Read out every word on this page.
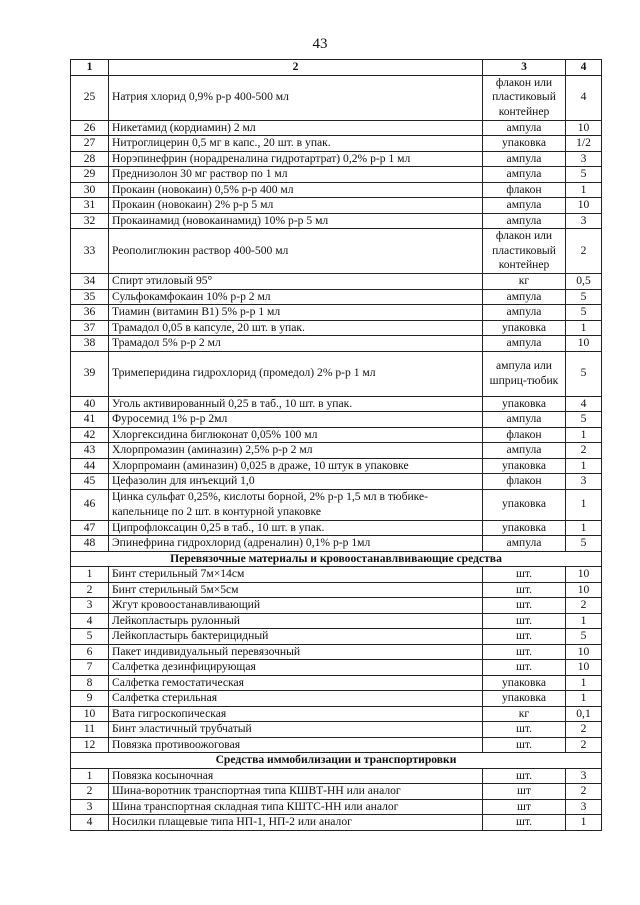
43
1	2	3	4
25	Натрия хлорид 0,9% р-р 400-500 мл	флакон или пластиковый контейнер	4
26	Никетамид (кордиамин) 2 мл	ампула	10
27	Нитроглицерин 0,5 мг в капс., 20 шт. в упак.	упаковка	1/2
28	Норэпинефрин (норадреналина гидротартрат) 0,2% р-р 1 мл	ампула	3
29	Преднизолон 30 мг раствор по 1 мл	ампула	5
30	Прокаин (новокаин) 0,5% р-р 400 мл	флакон	1
31	Прокаин (новокаин) 2% р-р 5 мл	ампула	10
32	Прокаинамид (новокаинамид) 10% р-р 5 мл	ампула	3
33	Реополиглюкин раствор 400-500 мл	флакон или пластиковый контейнер	2
34	Спирт этиловый 95°	кг	0,5
35	Сульфокамфокаин 10% р-р 2 мл	ампула	5
36	Тиамин (витамин В1) 5% р-р 1 мл	ампула	5
37	Трамадол 0,05 в капсуле, 20 шт. в упак.	упаковка	1
38	Трамадол 5% р-р 2 мл	ампула	10
39	Тримеперидина гидрохлорид (промедол) 2% р-р 1 мл	ампула или шприц-тюбик	5
40	Уголь активированный 0,25 в таб., 10 шт. в упак.	упаковка	4
41	Фуросемид 1% р-р 2мл	ампула	5
42	Хлоргексидина биглюконат 0,05% 100 мл	флакон	1
43	Хлорпромазин (аминазин) 2,5% р-р 2 мл	ампула	2
44	Хлорпромаин (аминазин) 0,025 в драже, 10 штук в упаковке	упаковка	1
45	Цефазолин для инъекций 1,0	флакон	3
46	Цинка сульфат 0,25%, кислоты борной, 2% р-р 1,5 мл в тюбике-капельнице по 2 шт. в контурной упаковке	упаковка	1
47	Ципрофлоксацин 0,25 в таб., 10 шт. в упак.	упаковка	1
48	Эпинефрина гидрохлорид (адреналин) 0,1% р-р 1мл	ампула	5
Перевязочные материалы и кровоостанавлвивающие средства			
1	Бинт стерильный 7м×14см	шт.	10
2	Бинт стерильный 5м×5см	шт.	10
3	Жгут кровоостанавливающий	шт.	2
4	Лейкопластырь рулонный	шт.	1
5	Лейкопластырь бактерицидный	шт.	5
6	Пакет индивидуальный перевязочный	шт.	10
7	Салфетка дезинфицирующая	шт.	10
8	Салфетка гемостатическая	упаковка	1
9	Салфетка стерильная	упаковка	1
10	Вата гигроскопическая	кг	0,1
11	Бинт эластичный трубчатый	шт.	2
12	Повязка противоожоговая	шт.	2
Средства иммобилизации и транспортировки			
1	Повязка косыночная	шт.	3
2	Шина-воротник транспортная типа КШВТ-НН или аналог	шт	2
3	Шина транспортная складная типа КШТС-НН или аналог	шт	3
4	Носилки плащевые типа НП-1, НП-2 или аналог	шт.	1
